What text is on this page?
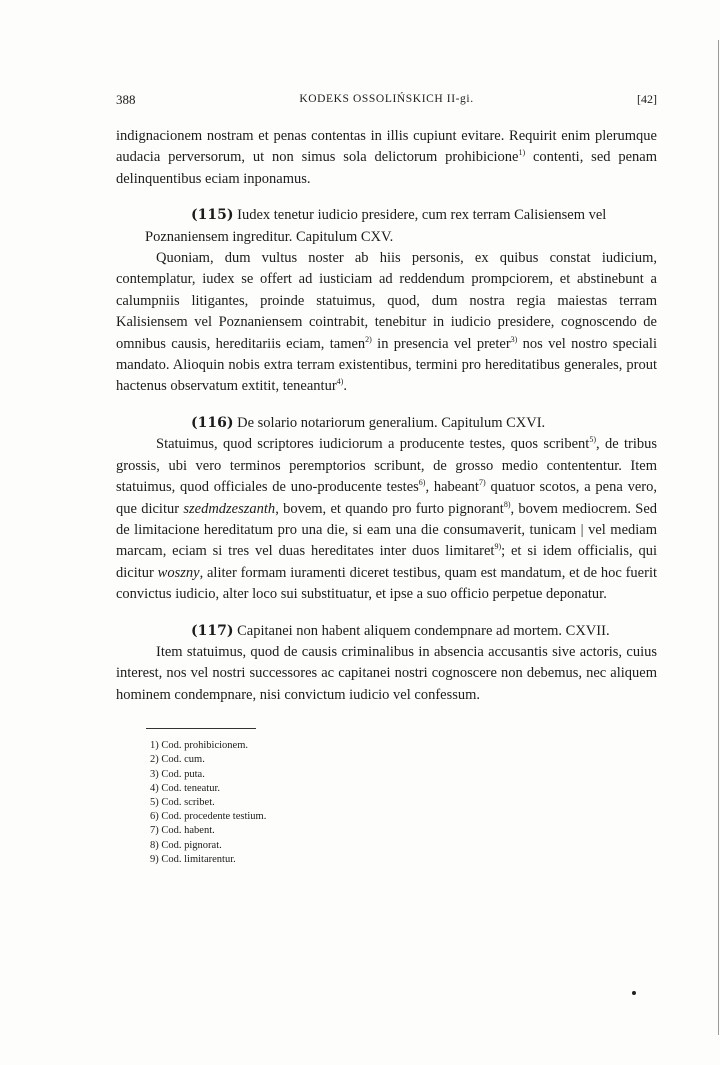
388	KODEKS OSSOLIŃSKICH II-gi.	[42]

indignacionem nostram et penas contentas in illis cupiunt evitare. Requirit enim plerumque audacia perversorum, ut non simus sola delictorum prohibicione$^{1)}$ contenti, sed penam delinquentibus eciam inponamus.

(115) Iudex tenetur iudicio presidere, cum rex terram Calisiensem vel Poznaniensem ingreditur. Capitulum CXV.

Quoniam, dum vultus noster ab hiis personis, ex quibus constat iudicium, contemplatur, iudex se offert ad iusticiam ad reddendum prompciorem, et abstinebunt a calumpniis litigantes, proinde statuimus, quod, dum nostra regia maiestas terram Kalisiensem vel Poznaniensem cointrabit, tenebitur in iudicio presidere, cognoscendo de omnibus causis, hereditariis eciam, tamen$^{2)}$ in presencia vel preter$^{3)}$ nos vel nostro speciali mandato. Alioquin nobis extra terram existentibus, termini pro hereditatibus generales, prout hactenus observatum extitit, teneantur$^{4)}$.

(116) De solario notariorum generalium. Capitulum CXVI.

Statuimus, quod scriptores iudiciorum a producente testes, quos scribent$^{5)}$, de tribus grossis, ubi vero terminos peremptorios scribunt, de grosso medio contententur. Item statuimus, quod officiales de uno-producente testes$^{6)}$, habeant$^{7)}$ quatuor scotos, a pena vero, que dicitur szedmdzeszanth, bovem, et quando pro furto pignorant$^{8)}$, bovem mediocrem. Sed de limitacione hereditatum pro una die, si eam una die consumaverit, tunicam | vel mediam marcam, eciam si tres vel duas hereditates inter duos limitaret$^{9)}$; et si idem officialis, qui dicitur woszny, aliter formam iuramenti diceret testibus, quam est mandatum, et de hoc fuerit convictus iudicio, alter loco sui substituatur, et ipse a suo officio perpetue deponatur.

(117) Capitanei non habent aliquem condempnare ad mortem. CXVII.

Item statuimus, quod de causis criminalibus in absencia accusantis sive actoris, cuius interest, nos vel nostri successores ac capitanei nostri cognoscere non debemus, nec aliquem hominem condempnare, nisi convictum iudicio vel confessum.

1) Cod. prohibicionem.

2) Cod. cum.

3) Cod. puta.

4) Cod. teneatur.

5) Cod. scribet.

6) Cod. procedente testium.

7) Cod. habent.

8) Cod. pignorat.

9) Cod. limitarentur.
